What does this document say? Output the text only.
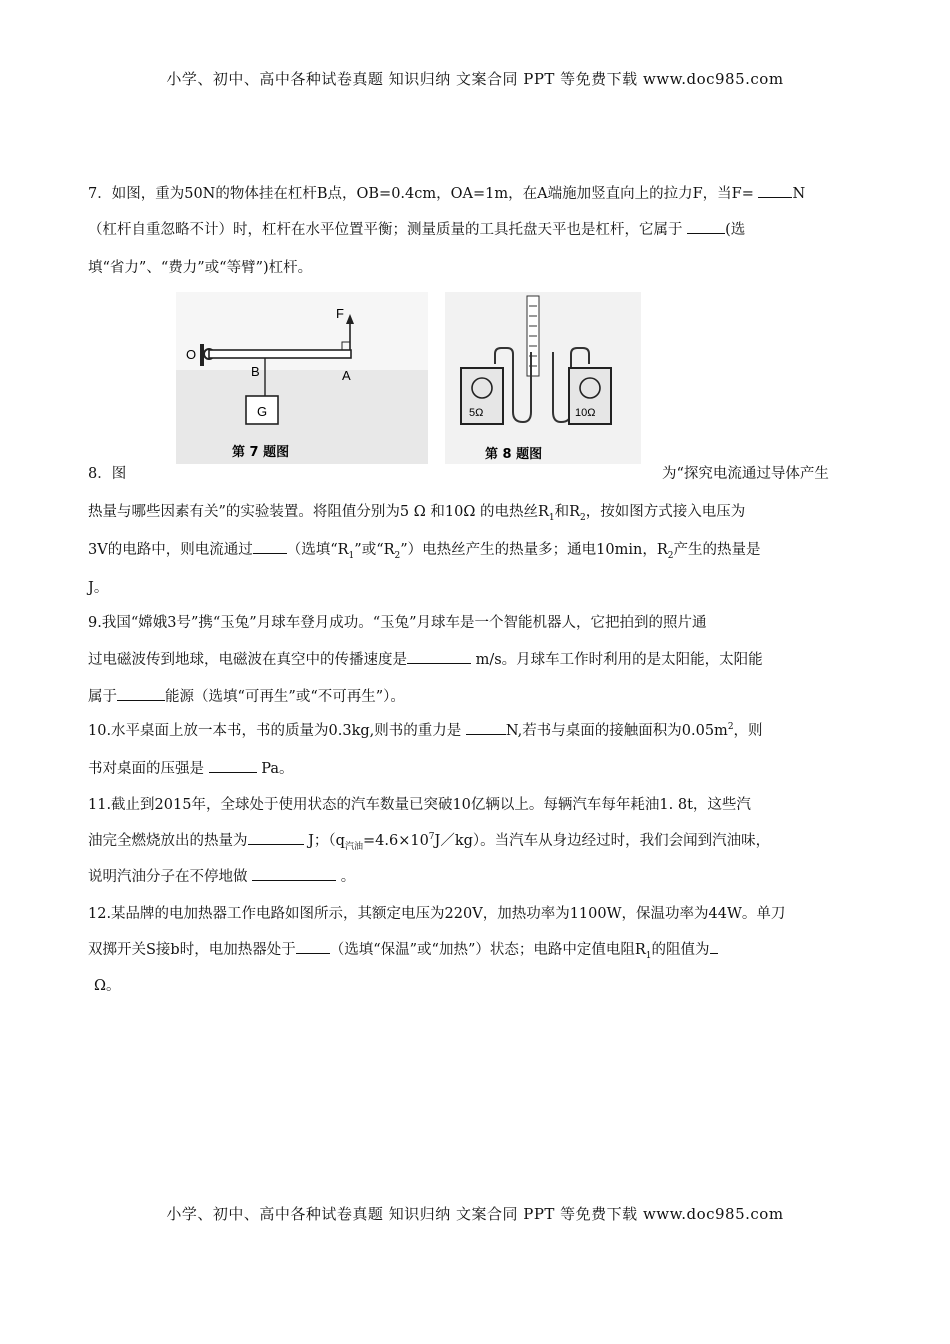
小学、初中、高中各种试卷真题 知识归纳 文案合同 PPT 等免费下载 www.doc985.com
7．如图，重为50N的物体挂在杠杆B点，OB=0.4cm，OA=1m，在A端施加竖直向上的拉力F，当F= N
（杠杆自重忽略不计）时，杠杆在水平位置平衡；测量质量的工具托盘天平也是杠杆，它属于	(选
填“省力”、“费力”或“等臂”)杠杆。
G
O
B	A
F
第 7 题图
5Ω	10Ω
第 8 题图
8．图	为“探究电流通过导体产生
热量与哪些因素有关”的实验装置。将阻值分别为5 Ω 和10Ω 的电热丝$R_1$和$R_2$，按如图方式接入电压为
3V的电路中，则电流通过 （选填“$R_1$”或“$R_2$”）电热丝产生的热量多；通电10min，$R_2$产生的热量是
J。
9.我国“嫦娥3号”携“玉兔”月球车登月成功。“玉兔”月球车是一个智能机器人，它把拍到的照片通
过电磁波传到地球，电磁波在真空中的传播速度是	m/s。月球车工作时利用的是太阳能，太阳能
属于	能源（选填“可再生”或“不可再生”）。
10.水平桌面上放一本书，书的质量为0.3kg,则书的重力是	N,若书与桌面的接触面积为$0.05m^2$，则
书对桌面的压强是	Pa。
11.截止到2015年，全球处于使用状态的汽车数量已突破10亿辆以上。每辆汽车每年耗油1. 8t，这些汽
油完全燃烧放出的热量为	J；$(q_{汽油}=4.6\times 10^7J/kg)$。当汽车从身边经过时，我们会闻到汽油味，
说明汽油分子在不停地做	。
12.某品牌的电加热器工作电路如图所示，其额定电压为220V，加热功率为1100W，保温功率为44W。单刀
双掷开关S接b时，电加热器处于 （选填“保温”或“加热”）状态；电路中定值电阻$R_1$的阻值为
Ω。
小学、初中、高中各种试卷真题 知识归纳 文案合同 PPT 等免费下载 www.doc985.com
